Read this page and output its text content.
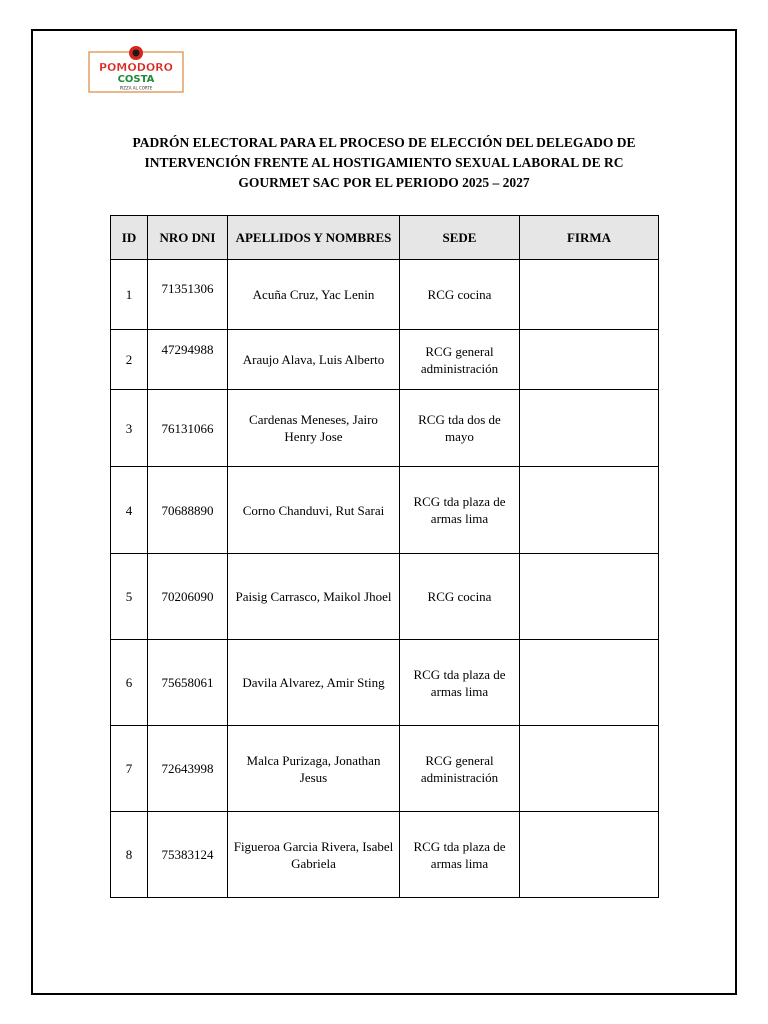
POMODORO
COSTA
PIZZA AL CORTE
PADRÓN ELECTORAL PARA EL PROCESO DE ELECCIÓN DEL DELEGADO DE
INTERVENCIÓN FRENTE AL HOSTIGAMIENTO SEXUAL LABORAL DE RC
GOURMET SAC POR EL PERIODO 2025 – 2027
ID	NRO DNI	APELLIDOS Y NOMBRES	SEDE	FIRMA
1	71351306	Acuña Cruz, Yac Lenin	RCG cocina	
2	47294988	Araujo Alava, Luis Alberto	RCG general administración	
3	76131066	Cardenas Meneses, Jairo Henry Jose	RCG tda dos de mayo	
4	70688890	Corno Chanduvi, Rut Sarai	RCG tda plaza de armas lima	
5	70206090	Paisig Carrasco, Maikol Jhoel	RCG cocina	
6	75658061	Davila Alvarez, Amir Sting	RCG tda plaza de armas lima	
7	72643998	Malca Purizaga, Jonathan Jesus	RCG general administración	
8	75383124	Figueroa Garcia Rivera, Isabel Gabriela	RCG tda plaza de armas lima	
